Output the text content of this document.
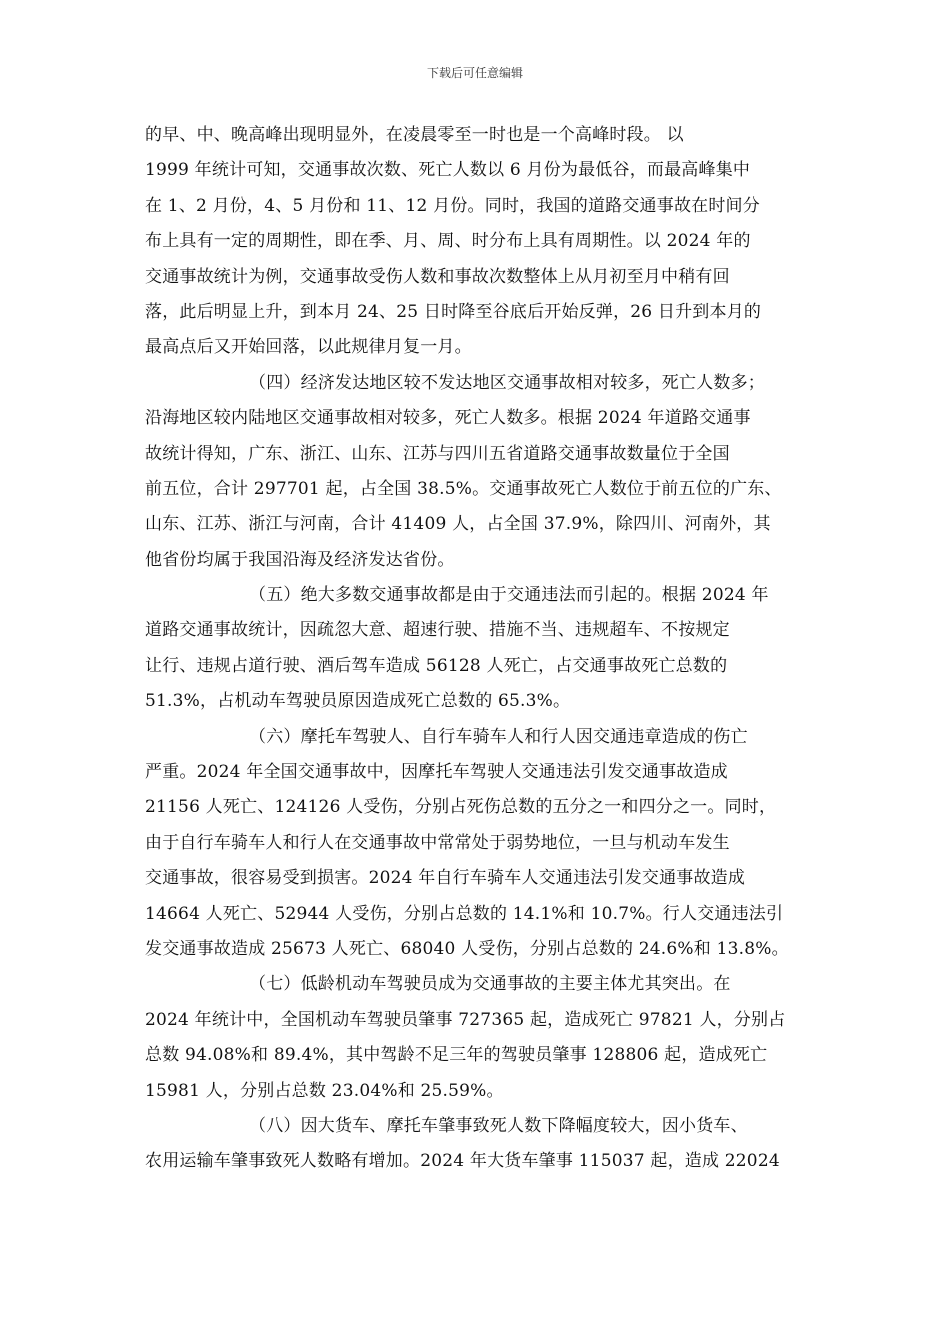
下载后可任意编辑
的早、中、晚高峰出现明显外，在凌晨零至一时也是一个高峰时段。 以
1999 年统计可知，交通事故次数、死亡人数以 6 月份为最低谷，而最高峰集中
在 1、2 月份，4、5 月份和 11、12 月份。同时，我国的道路交通事故在时间分
布上具有一定的周期性，即在季、月、周、时分布上具有周期性。以 2024 年的
交通事故统计为例，交通事故受伤人数和事故次数整体上从月初至月中稍有回
落，此后明显上升，到本月 24、25 日时降至谷底后开始反弹，26 日升到本月的
最高点后又开始回落，以此规律月复一月。
（四）经济发达地区较不发达地区交通事故相对较多，死亡人数多；
沿海地区较内陆地区交通事故相对较多，死亡人数多。根据 2024 年道路交通事
故统计得知，广东、浙江、山东、江苏与四川五省道路交通事故数量位于全国
前五位，合计 297701 起，占全国 38.5%。交通事故死亡人数位于前五位的广东、
山东、江苏、浙江与河南，合计 41409 人，占全国 37.9%，除四川、河南外，其
他省份均属于我国沿海及经济发达省份。
（五）绝大多数交通事故都是由于交通违法而引起的。根据 2024 年
道路交通事故统计，因疏忽大意、超速行驶、措施不当、违规超车、不按规定
让行、违规占道行驶、酒后驾车造成 56128 人死亡，占交通事故死亡总数的
51.3%，占机动车驾驶员原因造成死亡总数的 65.3%。
（六）摩托车驾驶人、自行车骑车人和行人因交通违章造成的伤亡
严重。2024 年全国交通事故中，因摩托车驾驶人交通违法引发交通事故造成
21156 人死亡、124126 人受伤，分别占死伤总数的五分之一和四分之一。同时，
由于自行车骑车人和行人在交通事故中常常处于弱势地位，一旦与机动车发生
交通事故，很容易受到损害。2024 年自行车骑车人交通违法引发交通事故造成
14664 人死亡、52944 人受伤，分别占总数的 14.1%和 10.7%。行人交通违法引
发交通事故造成 25673 人死亡、68040 人受伤，分别占总数的 24.6%和 13.8%。
（七）低龄机动车驾驶员成为交通事故的主要主体尤其突出。在
2024 年统计中，全国机动车驾驶员肇事 727365 起，造成死亡 97821 人，分别占
总数 94.08%和 89.4%，其中驾龄不足三年的驾驶员肇事 128806 起，造成死亡
15981 人，分别占总数 23.04%和 25.59%。
（八）因大货车、摩托车肇事致死人数下降幅度较大，因小货车、
农用运输车肇事致死人数略有增加。2024 年大货车肇事 115037 起，造成 22024
